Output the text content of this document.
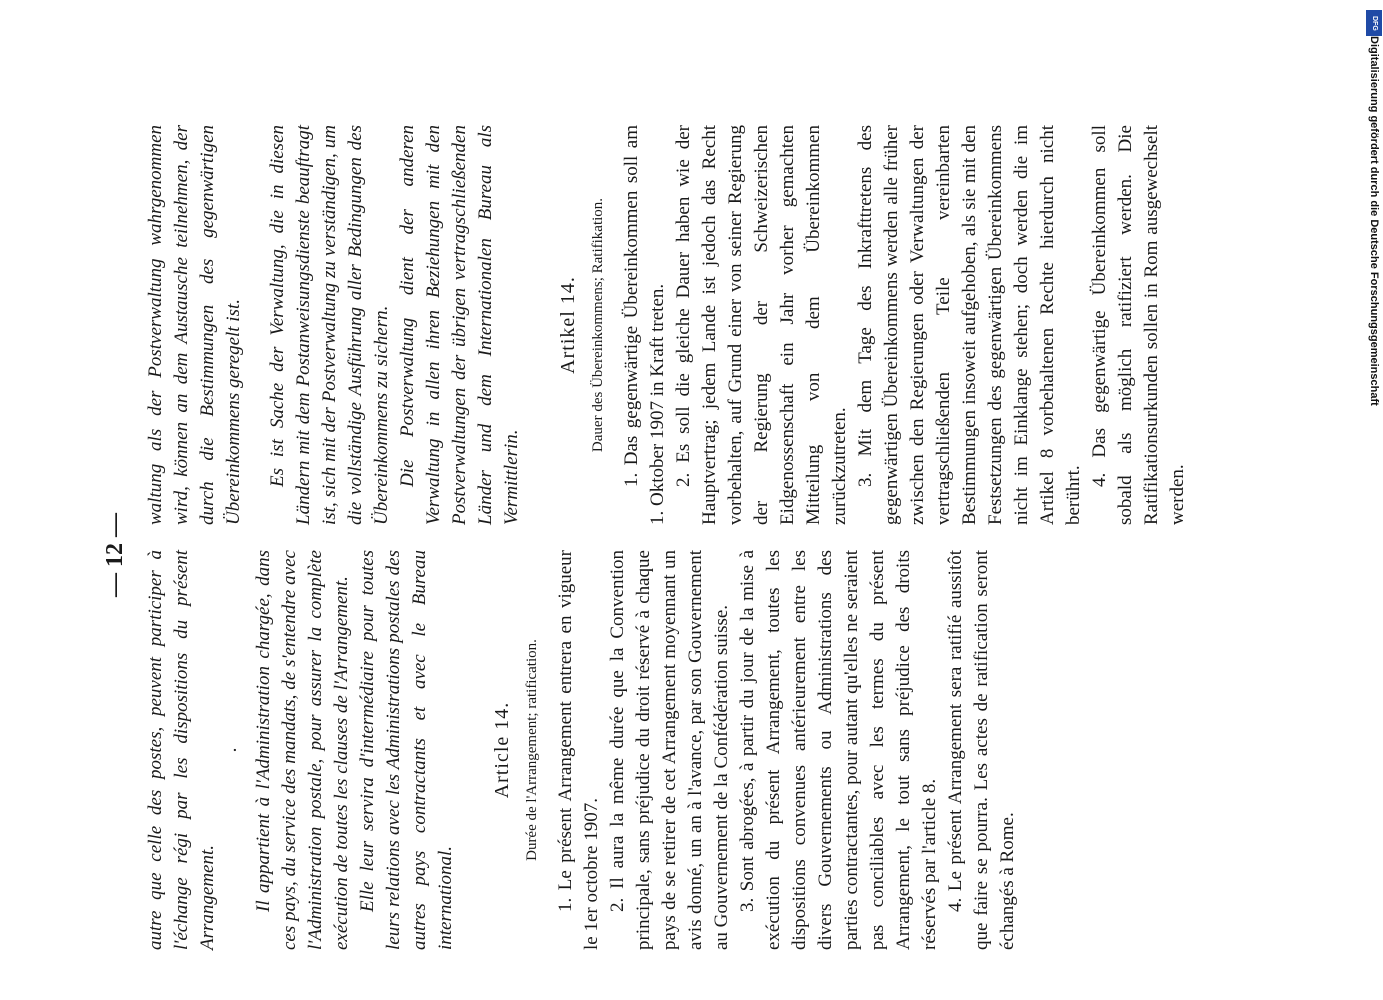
— 12 — autre que celle des postes, peuvent participer à l'échange régi par les dispositions du présent Arrangement.

· Il appartient à l'Administration chargée, dans ces pays, du service des mandats, de s'entendre avec l'Administration postale, pour assurer la complète exécution de toutes les clauses de l'Arrangement. Elle leur servira d'intermédiaire pour toutes leurs relations avec les Administrations postales des autres pays contractants et avec le Bureau international.

Article 14. Durée de l'Arrangement; ratification. 1. Le présent Arrangement entrera en vigueur le 1er octobre 1907. 2. Il aura la même durée que la Convention principale, sans préjudice du droit réservé à chaque pays de se retirer de cet Arrangement moyennant un avis donné, un an à l'avance, par son Gouvernement au Gouvernement de la Confédération suisse. 3. Sont abrogées, à partir du jour de la mise à exécution du présent Arrangement, toutes les dispositions convenues antérieurement entre les divers Gouvernements ou Administrations des parties contractantes, pour autant qu'elles ne seraient pas conciliables avec les termes du présent Arrangement, le tout sans préjudice des droits réservés par l'article 8. 4. Le présent Arrangement sera ratifié aussitôt que faire se pourra. Les actes de ratification seront échangés à Rome.

waltung als der Postverwaltung wahrgenommen wird, können an dem Austausche teilnehmen, der durch die Bestimmungen des gegenwärtigen Übereinkommens geregelt ist. Es ist Sache der Verwaltung, die in diesen Ländern mit dem Postanweisungsdienste beauftragt ist, sich mit der Postverwaltung zu verständigen, um die vollständige Ausführung aller Bedingungen des Übereinkommens zu sichern. Die Postverwaltung dient der anderen Verwaltung in allen ihren Beziehungen mit den Postverwaltungen der übrigen vertragschließenden Länder und dem Internationalen Bureau als Vermittlerin.

Artikel 14. Dauer des Übereinkommens; Ratifikation. 1. Das gegenwärtige Übereinkommen soll am 1. Oktober 1907 in Kraft treten. 2. Es soll die gleiche Dauer haben wie der Hauptvertrag; jedem Lande ist jedoch das Recht vorbehalten, auf Grund einer von seiner Regierung der Regierung der Schweizerischen Eidgenossenschaft ein Jahr vorher gemachten Mitteilung von dem Übereinkommen zurückzutreten. 3. Mit dem Tage des Inkrafttretens des gegenwärtigen Übereinkommens werden alle früher zwischen den Regierungen oder Verwaltungen der vertragschließenden Teile vereinbarten Bestimmungen insoweit aufgehoben, als sie mit den Festsetzungen des gegenwärtigen Übereinkommens nicht im Einklange stehen; doch werden die im Artikel 8 vorbehaltenen Rechte hierdurch nicht berührt.

4. Das gegenwärtige Übereinkommen soll sobald als möglich ratifiziert werden. Die Ratifikationsurkunden sollen in Rom ausgewechselt werden.

DFG
Digitalisierung gefördert durch die Deutsche Forschungsgemeinschaft
